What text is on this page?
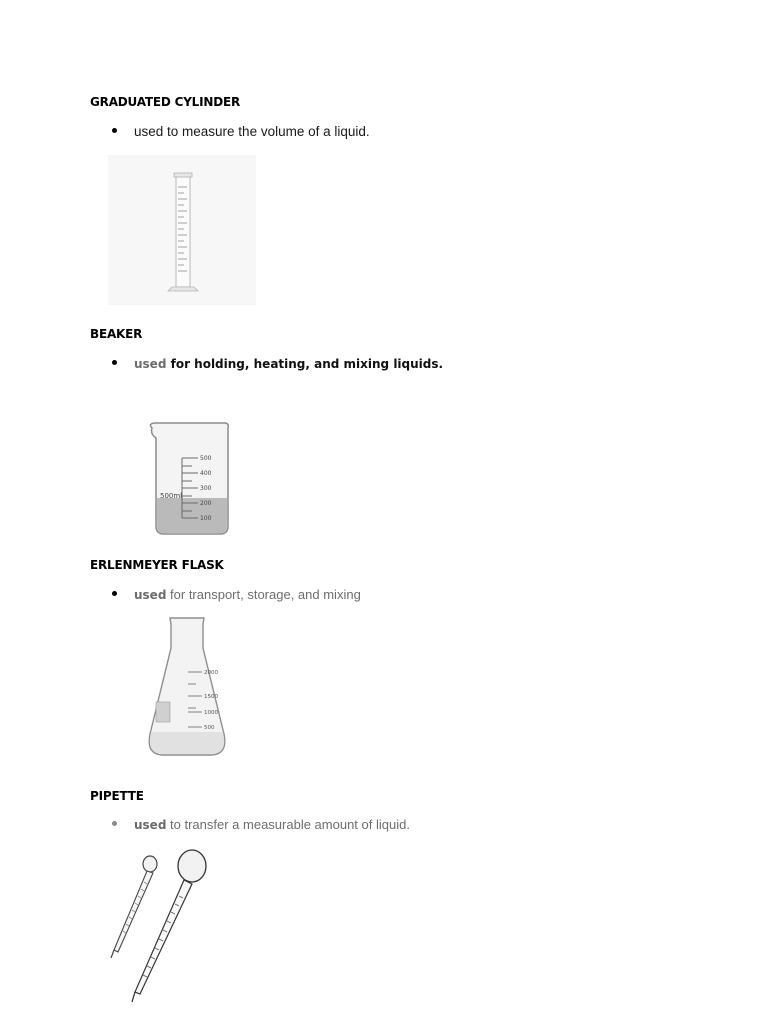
GRADUATED CYLINDER
used to measure the volume of a liquid.
BEAKER
used for holding, heating, and mixing liquids.
500
400
300
200
100
500ml
ERLENMEYER FLASK
used for transport, storage, and mixing
2000
1500
1000
500
PIPETTE
used to transfer a measurable amount of liquid.
